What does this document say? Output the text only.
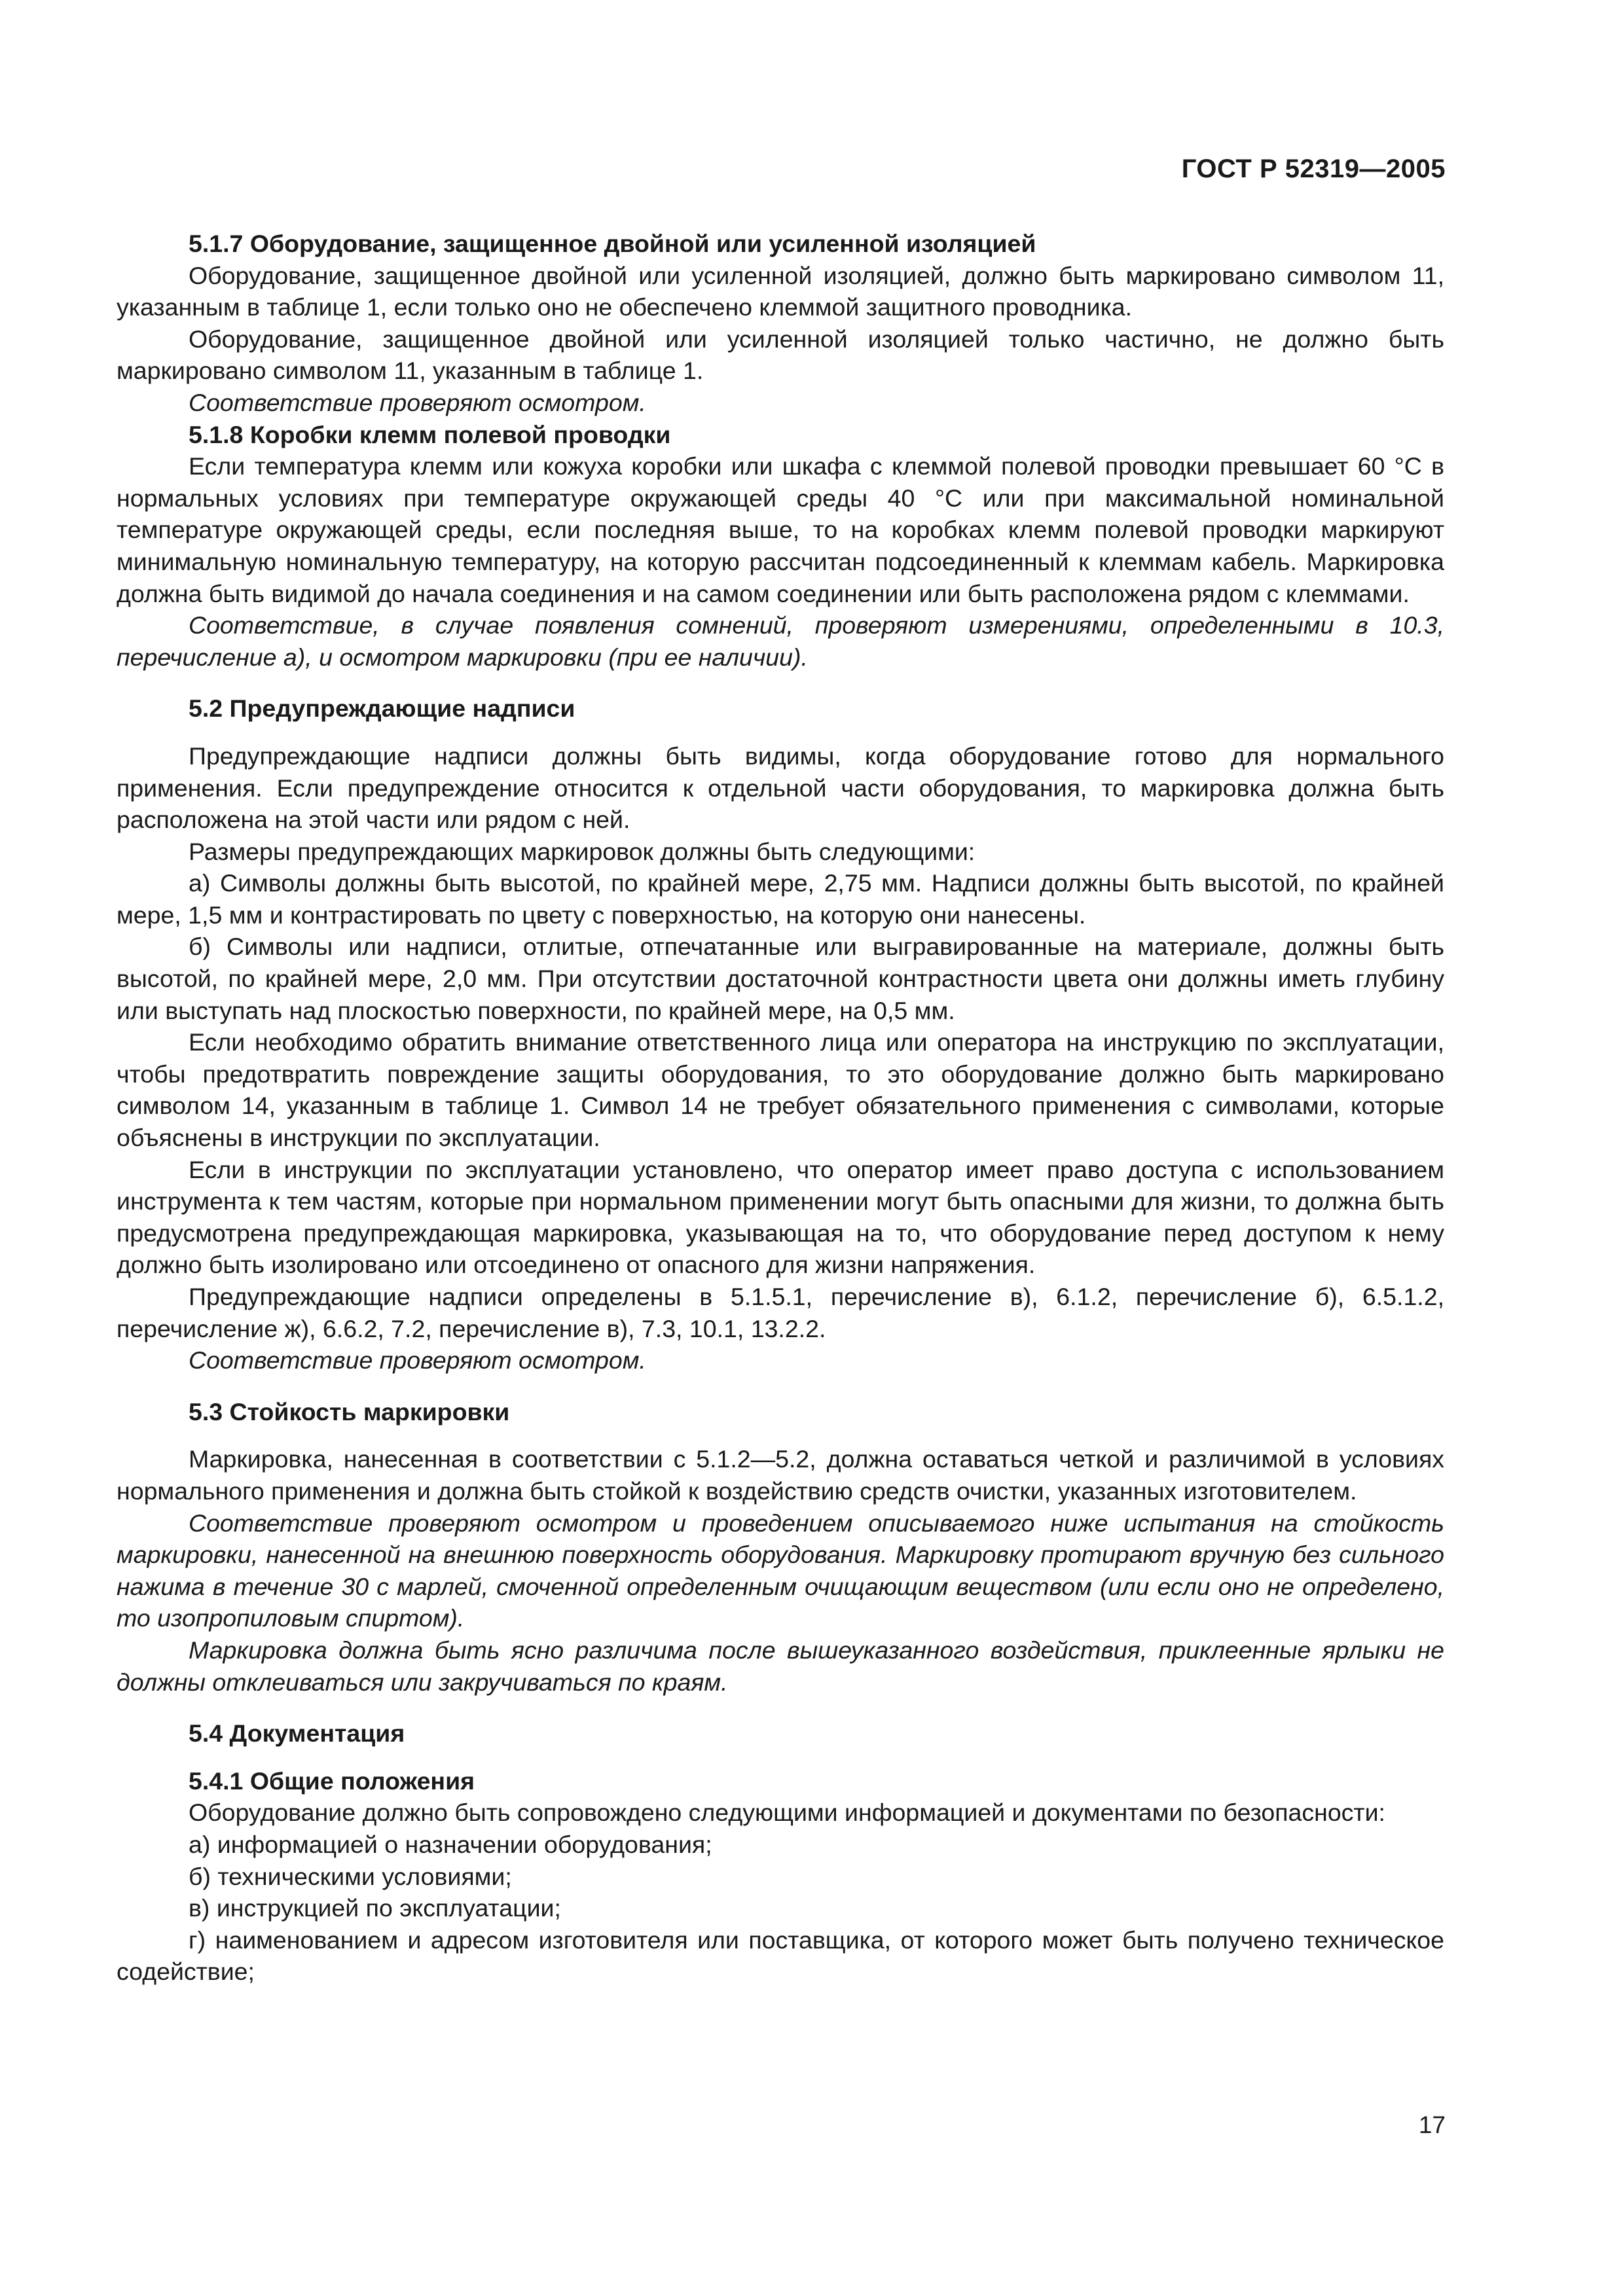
ГОСТ Р 52319—2005

5.1.7 Оборудование, защищенное двойной или усиленной изоляцией

Оборудование, защищенное двойной или усиленной изоляцией, должно быть маркировано символом 11, указанным в таблице 1, если только оно не обеспечено клеммой защитного проводника.

Оборудование, защищенное двойной или усиленной изоляцией только частично, не должно быть маркировано символом 11, указанным в таблице 1.

Соответствие проверяют осмотром.

5.1.8 Коробки клемм полевой проводки

Если температура клемм или кожуха коробки или шкафа с клеммой полевой проводки превышает 60 °С в нормальных условиях при температуре окружающей среды 40 °С или при максимальной номинальной температуре окружающей среды, если последняя выше, то на коробках клемм полевой проводки маркируют минимальную номинальную температуру, на которую рассчитан подсоединенный к клеммам кабель. Маркировка должна быть видимой до начала соединения и на самом соединении или быть расположена рядом с клеммами.

Соответствие, в случае появления сомнений, проверяют измерениями, определенными в 10.3, перечисление а), и осмотром маркировки (при ее наличии).

5.2 Предупреждающие надписи

Предупреждающие надписи должны быть видимы, когда оборудование готово для нормального применения. Если предупреждение относится к отдельной части оборудования, то маркировка должна быть расположена на этой части или рядом с ней.

Размеры предупреждающих маркировок должны быть следующими:

а) Символы должны быть высотой, по крайней мере, 2,75 мм. Надписи должны быть высотой, по крайней мере, 1,5 мм и контрастировать по цвету с поверхностью, на которую они нанесены.

б) Символы или надписи, отлитые, отпечатанные или выгравированные на материале, должны быть высотой, по крайней мере, 2,0 мм. При отсутствии достаточной контрастности цвета они должны иметь глубину или выступать над плоскостью поверхности, по крайней мере, на 0,5 мм.

Если необходимо обратить внимание ответственного лица или оператора на инструкцию по эксплуатации, чтобы предотвратить повреждение защиты оборудования, то это оборудование должно быть маркировано символом 14, указанным в таблице 1. Символ 14 не требует обязательного применения с символами, которые объяснены в инструкции по эксплуатации.

Если в инструкции по эксплуатации установлено, что оператор имеет право доступа с использованием инструмента к тем частям, которые при нормальном применении могут быть опасными для жизни, то должна быть предусмотрена предупреждающая маркировка, указывающая на то, что оборудование перед доступом к нему должно быть изолировано или отсоединено от опасного для жизни напряжения.

Предупреждающие надписи определены в 5.1.5.1, перечисление в), 6.1.2, перечисление б), 6.5.1.2, перечисление ж), 6.6.2, 7.2, перечисление в), 7.3, 10.1, 13.2.2.

Соответствие проверяют осмотром.

5.3 Стойкость маркировки

Маркировка, нанесенная в соответствии с 5.1.2—5.2, должна оставаться четкой и различимой в условиях нормального применения и должна быть стойкой к воздействию средств очистки, указанных изготовителем.

Соответствие проверяют осмотром и проведением описываемого ниже испытания на стойкость маркировки, нанесенной на внешнюю поверхность оборудования. Маркировку протирают вручную без сильного нажима в течение 30 с марлей, смоченной определенным очищающим веществом (или если оно не определено, то изопропиловым спиртом).

Маркировка должна быть ясно различима после вышеуказанного воздействия, приклеенные ярлыки не должны отклеиваться или закручиваться по краям.

5.4 Документация

5.4.1 Общие положения

Оборудование должно быть сопровождено следующими информацией и документами по безопасности:

а) информацией о назначении оборудования;

б) техническими условиями;

в) инструкцией по эксплуатации;

г) наименованием и адресом изготовителя или поставщика, от которого может быть получено техническое содействие;

17
